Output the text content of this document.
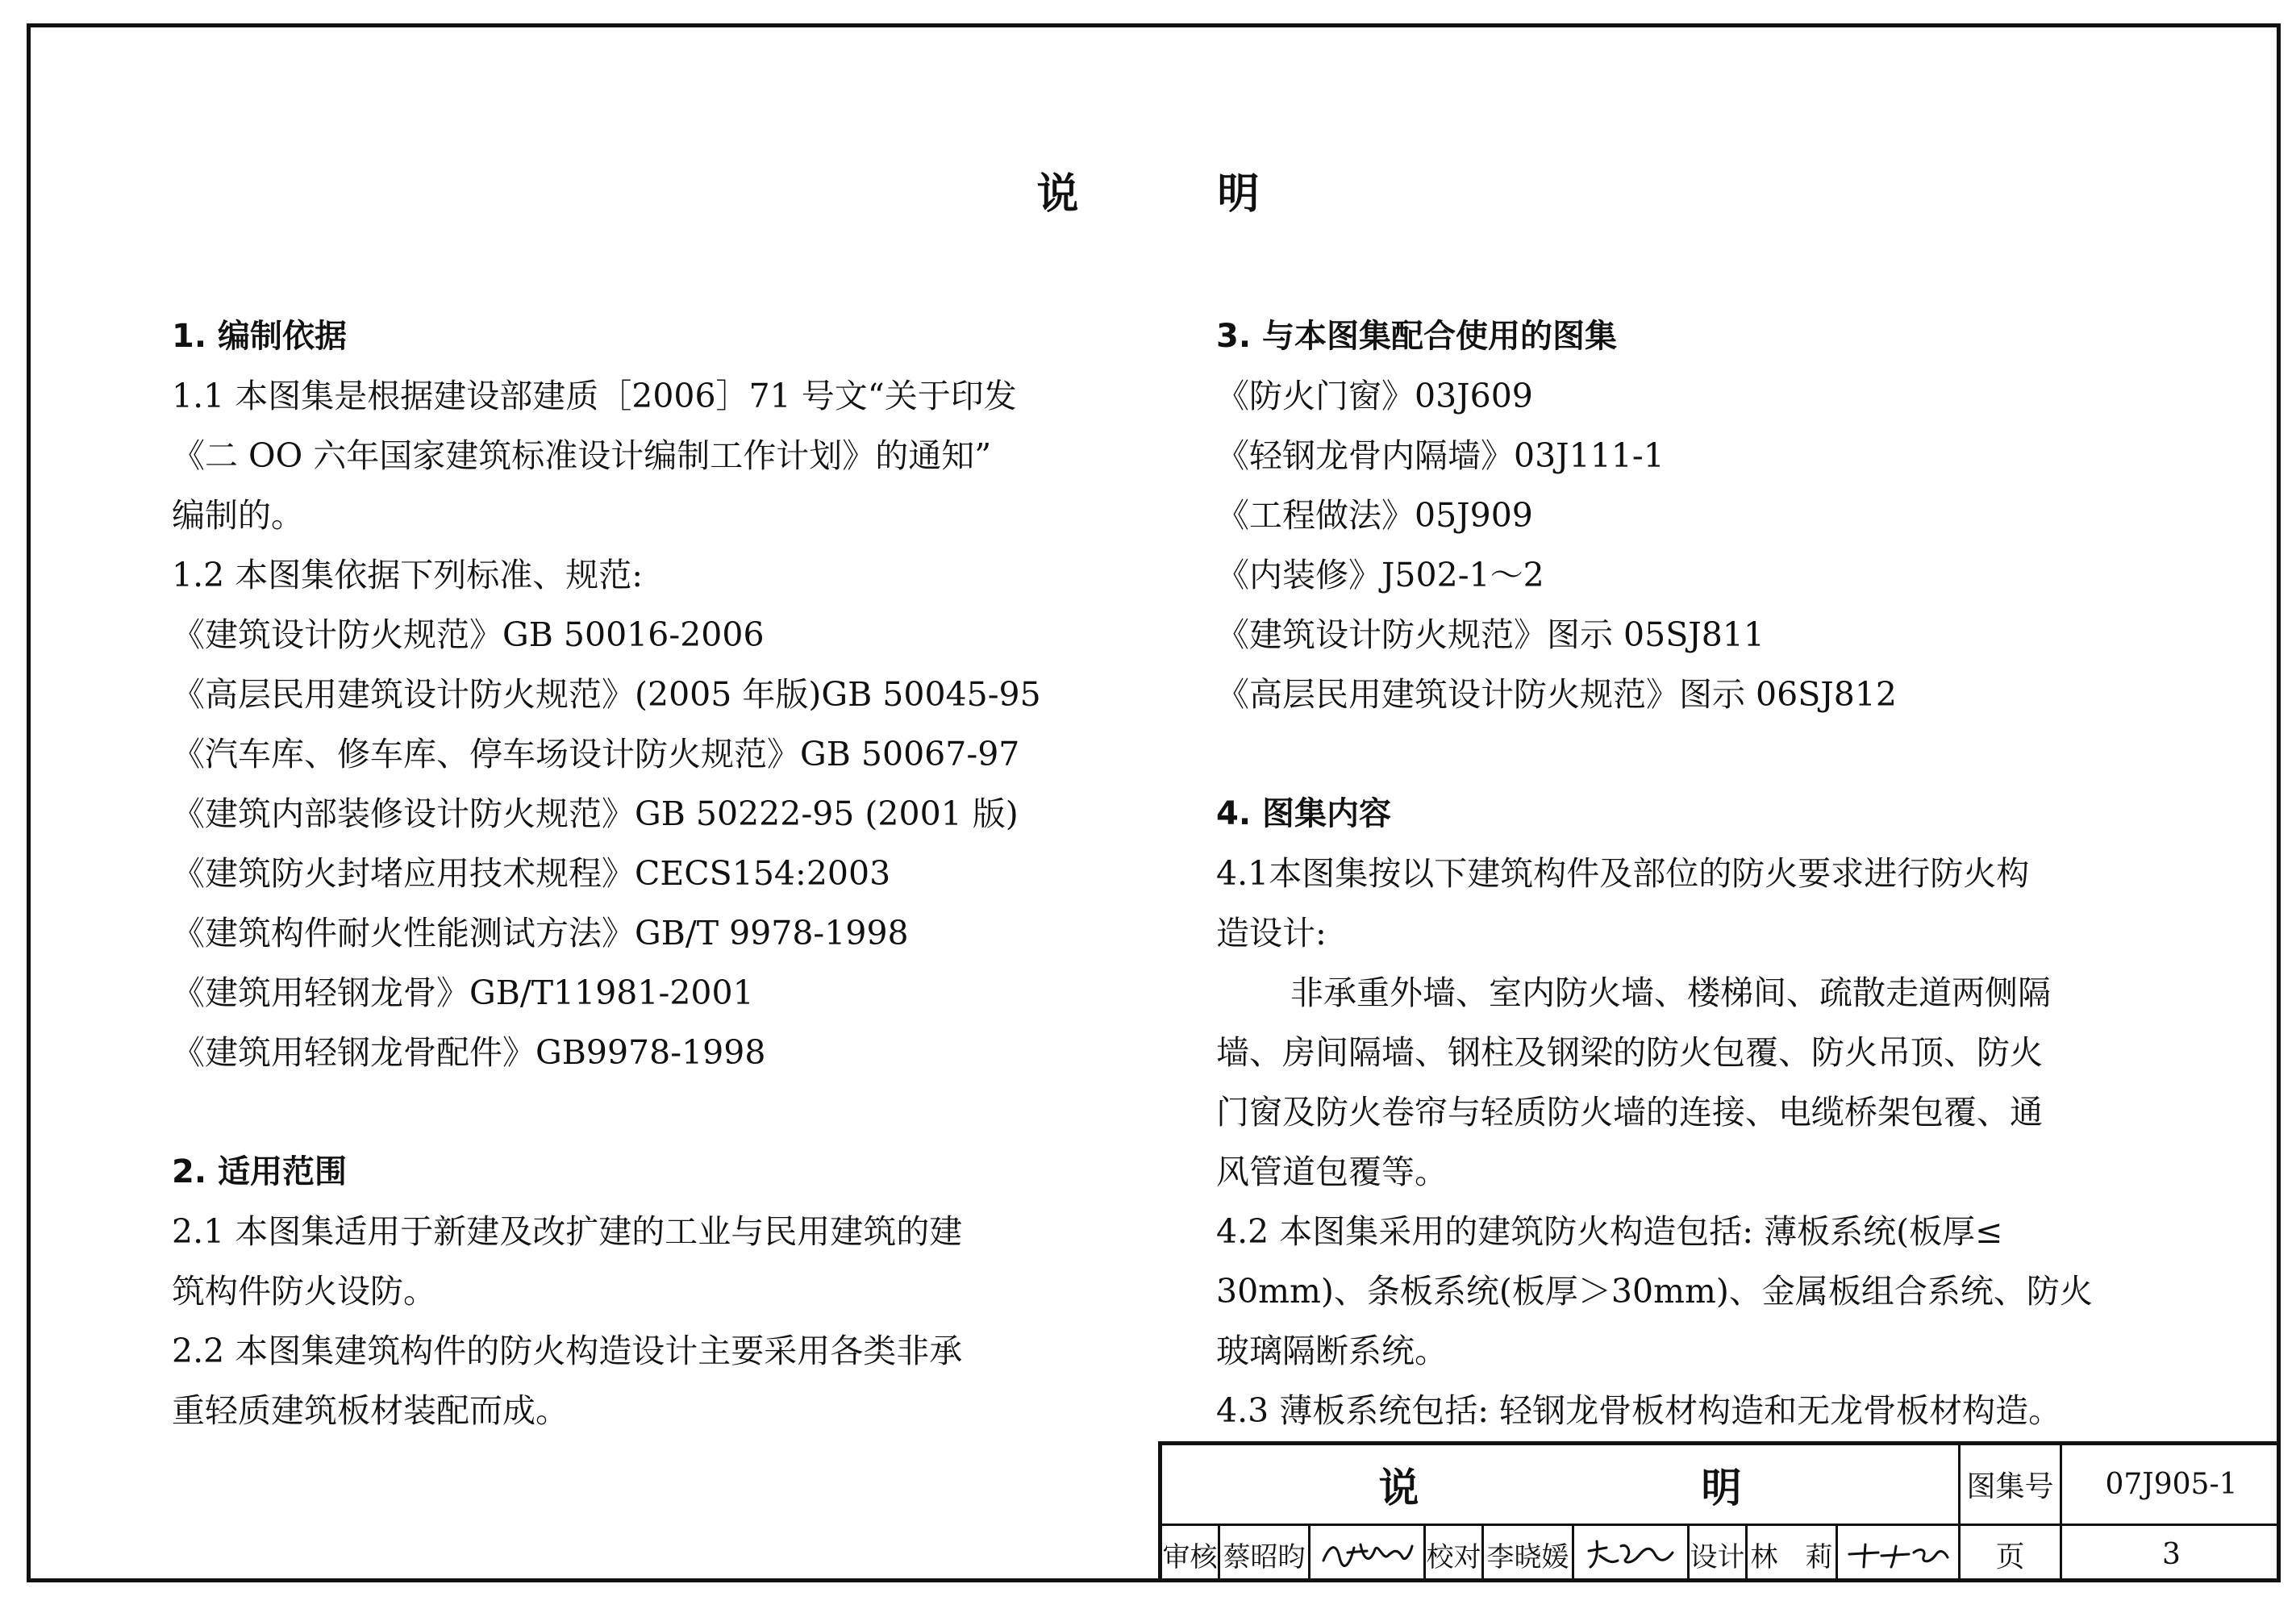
说　明
1. 编制依据
1.1 本图集是根据建设部建质［2006］71 号文“关于印发
《二 OO 六年国家建筑标准设计编制工作计划》的通知”
编制的。
1.2 本图集依据下列标准、规范:
《建筑设计防火规范》GB 50016-2006
《高层民用建筑设计防火规范》(2005 年版)GB 50045-95
《汽车库、修车库、停车场设计防火规范》GB 50067-97
《建筑内部装修设计防火规范》GB 50222-95 (2001 版)
《建筑防火封堵应用技术规程》CECS154:2003
《建筑构件耐火性能测试方法》GB/T 9978-1998
《建筑用轻钢龙骨》GB/T11981-2001
《建筑用轻钢龙骨配件》GB9978-1998
2. 适用范围
2.1 本图集适用于新建及改扩建的工业与民用建筑的建
筑构件防火设防。
2.2 本图集建筑构件的防火构造设计主要采用各类非承
重轻质建筑板材装配而成。
3. 与本图集配合使用的图集
《防火门窗》03J609
《轻钢龙骨内隔墙》03J111-1
《工程做法》05J909
《内装修》J502-1～2
《建筑设计防火规范》图示 05SJ811
《高层民用建筑设计防火规范》图示 06SJ812
4. 图集内容
4.1本图集按以下建筑构件及部位的防火要求进行防火构
造设计:
非承重外墙、室内防火墙、楼梯间、疏散走道两侧隔
墙、房间隔墙、钢柱及钢梁的防火包覆、防火吊顶、防火
门窗及防火卷帘与轻质防火墙的连接、电缆桥架包覆、通
风管道包覆等。
4.2 本图集采用的建筑防火构造包括: 薄板系统(板厚≤
30mm)、条板系统(板厚＞30mm)、金属板组合系统、防火
玻璃隔断系统。
4.3 薄板系统包括: 轻钢龙骨板材构造和无龙骨板材构造。
说　明	图集号 07J905-1
审核 蔡昭昀	校对 李晓媛	设计 林　莉	页	3
